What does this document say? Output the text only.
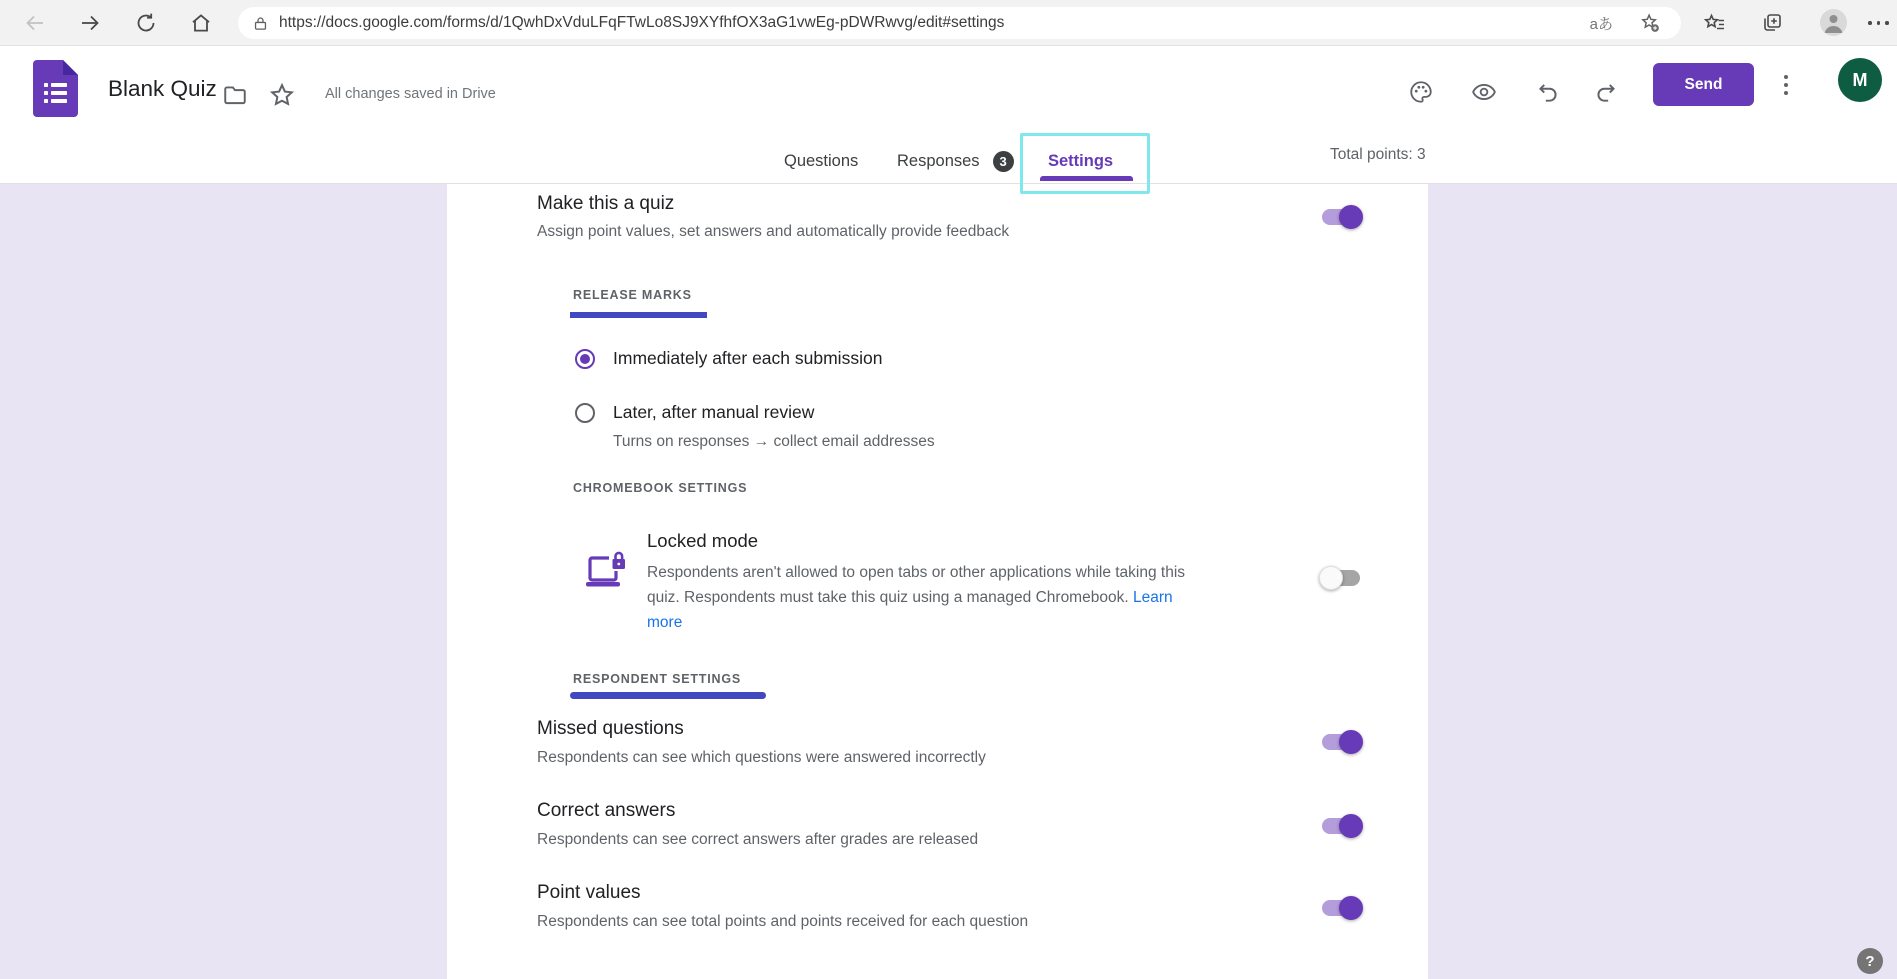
https://docs.google.com/forms/d/1QwhDxVduLFqFTwLo8SJ9XYfhfOX3aG1vwEg-pDWRwvg/edit#settings	aあ
Blank Quiz	All changes saved in Drive
Send	M
Questions Responses	3	Settings	Total points: 3
Make this a quiz
Assign point values, set answers and automatically provide feedback
RELEASE MARKS
Immediately after each submission
Later, after manual review
Turns on responses → collect email addresses
CHROMEBOOK SETTINGS
Locked mode
Respondents aren't allowed to open tabs or other applications while taking this quiz. Respondents must take this quiz using a managed Chromebook. Learn more
RESPONDENT SETTINGS
Missed questions
Respondents can see which questions were answered incorrectly
Correct answers
Respondents can see correct answers after grades are released
Point values
Respondents can see total points and points received for each question
?
